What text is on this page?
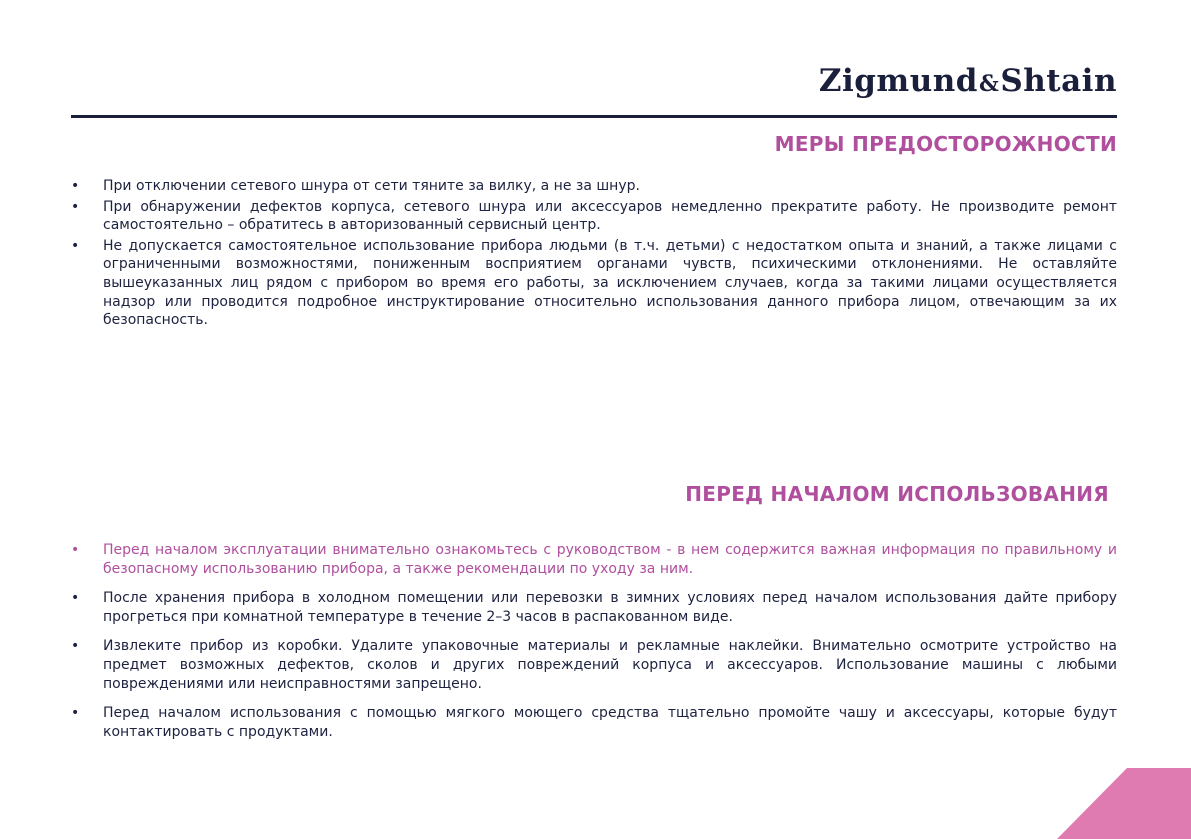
Zigmund&Shtain
МЕРЫ ПРЕДОСТОРОЖНОСТИ
• При отключении сетевого шнура от сети тяните за вилку, а не за шнур.
• При обнаружении дефектов корпуса, сетевого шнура или аксессуаров немедленно прекратите работу. Не производите ремонт самостоятельно – обратитесь в авторизованный сервисный центр.
• Не допускается самостоятельное использование прибора людьми (в т.ч. детьми) с недостатком опыта и знаний, а также лицами с ограниченными возможностями, пониженным восприятием органами чувств, психическими отклонениями. Не оставляйте вышеуказанных лиц рядом с прибором во время его работы, за исключением случаев, когда за такими лицами осуществляется надзор или проводится подробное инструктирование относительно использования данного прибора лицом, отвечающим за их безопасность.
ПЕРЕД НАЧАЛОМ ИСПОЛЬЗОВАНИЯ
• Перед началом эксплуатации внимательно ознакомьтесь с руководством - в нем содержится важная информация по правильному и безопасному использованию прибора, а также рекомендации по уходу за ним.
• После хранения прибора в холодном помещении или перевозки в зимних условиях перед началом использования дайте прибору прогреться при комнатной температуре в течение 2–3 часов в распакованном виде.
• Извлеките прибор из коробки. Удалите упаковочные материалы и рекламные наклейки. Внимательно осмотрите устройство на предмет возможных дефектов, сколов и других повреждений корпуса и аксессуаров. Использование машины с любыми повреждениями или неисправностями запрещено.
• Перед началом использования с помощью мягкого моющего средства тщательно промойте чашу и аксессуары, которые будут контактировать с продуктами.
